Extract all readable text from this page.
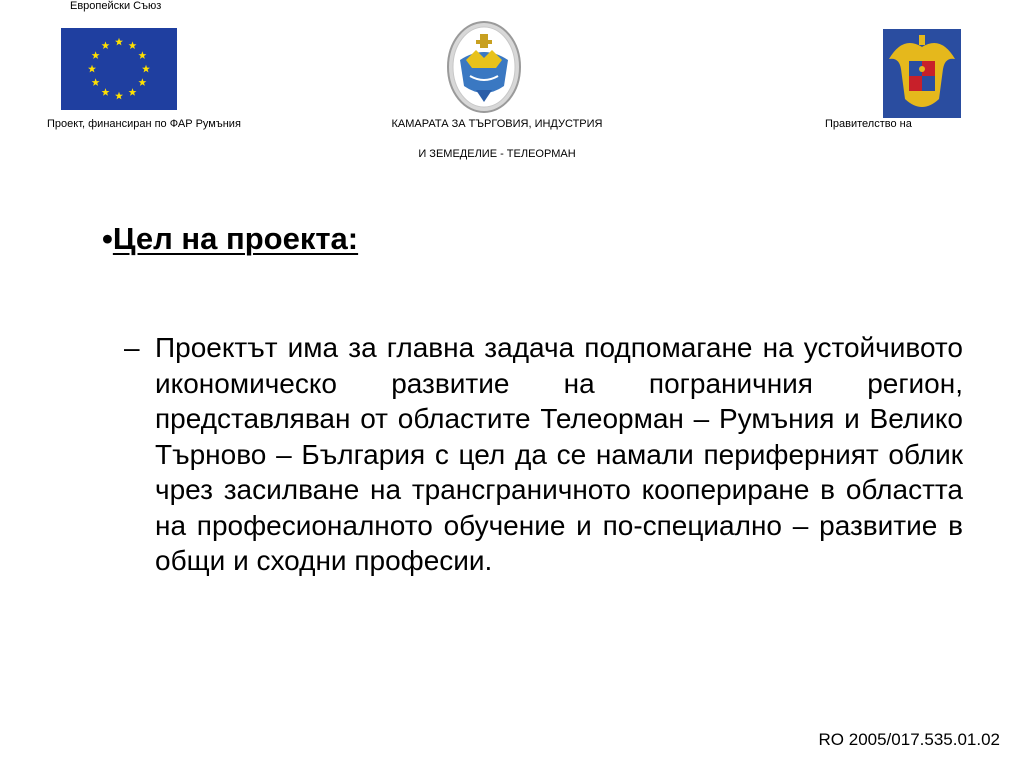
Европейски Съюз
Проект, финансиран по ФАР Румъния	КАМАРАТА ЗА ТЪРГОВИЯ, ИНДУСТРИЯ
И ЗЕМЕДЕЛИЕ - ТЕЛЕОРМАН
Правителство на
•Цел на проекта:
– Проектът има за главна задача подпомагане на устойчивото икономическо развитие на пограничния регион, представляван от областите Телеорман – Румъния и Велико Търново – България с цел да се намали периферният облик чрез засилване на трансграничното коопериране в областта на професионалното обучение и по-специално – развитие в общи и сходни професии.
RO 2005/017.535.01.02
